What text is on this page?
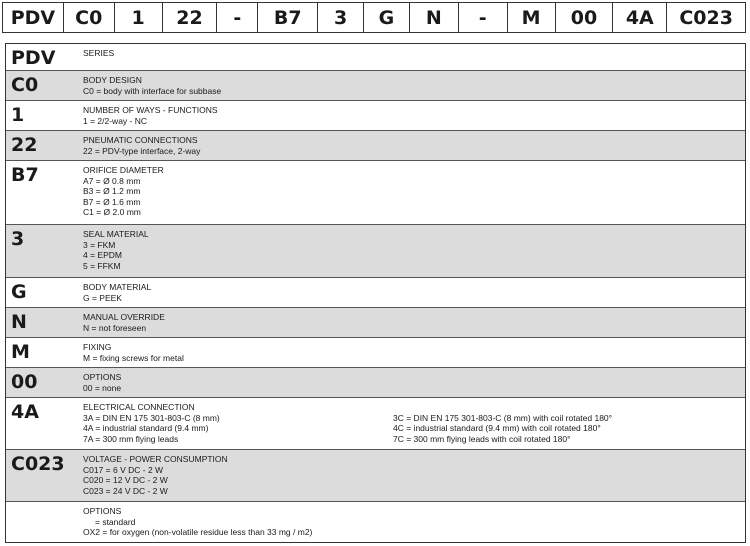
PDV	C0	1	22	-	B7	3	G	N	-	M	00	4A	C023
PDV	SERIES
C0	BODY DESIGN
C0 = body with interface for subbase
1	NUMBER OF WAYS - FUNCTIONS
1 = 2/2-way - NC
22	PNEUMATIC CONNECTIONS
22 = PDV-type interface, 2-way
B7	ORIFICE DIAMETER
A7 = Ø 0.8 mm
B3 = Ø 1.2 mm
B7 = Ø 1.6 mm
C1 = Ø 2.0 mm
3	SEAL MATERIAL
3 = FKM
4 = EPDM
5 = FFKM
G	BODY MATERIAL
G = PEEK
N	MANUAL OVERRIDE
N = not foreseen
M	FIXING
M = fixing screws for metal
00	OPTIONS
00 = none
4A	ELECTRICAL CONNECTION
3A = DIN EN 175 301-803-C (8 mm)
4A = industrial standard (9.4 mm)
7A = 300 mm flying leads
3C = DIN EN 175 301-803-C (8 mm) with coil rotated 180°
4C = industrial standard (9.4 mm) with coil rotated 180°
7C = 300 mm flying leads with coil rotated 180°
C023	VOLTAGE - POWER CONSUMPTION
C017 = 6 V DC - 2 W
C020 = 12 V DC - 2 W
C023 = 24 V DC - 2 W
OPTIONS
= standard
OX2 = for oxygen (non-volatile residue less than 33 mg / m2)
